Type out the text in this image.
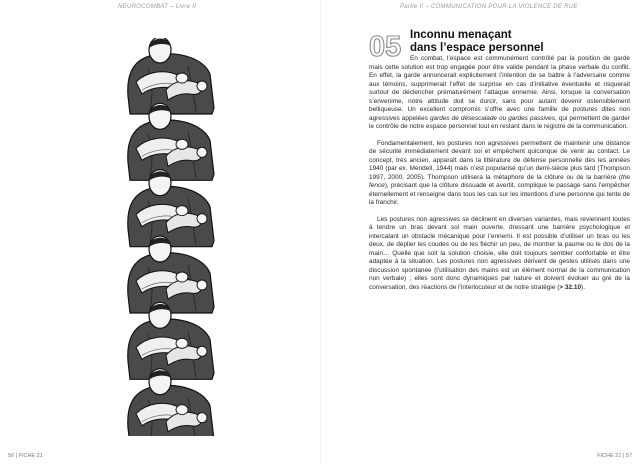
NEUROCOMBAT – Livre II	Partie II – COMMUNICATION POUR LA VIOLENCE DE RUE
05 Inconnu menaçant
dans l’espace personnel

En combat, l’espace est communément contrôlé par la position de garde mais cette solution est trop engagée pour être valide pendant la phase verbale du conflit. En effet, la garde annoncerait explicitement l’intention de se battre à l’adversaire comme aux témoins, supprimerait l’effet de surprise en cas d’initiative éventuelle et risquerait surtout de déclencher prématurément l’attaque ennemie. Ainsi, lorsque la conversation s’envenime, notre attitude doit se durcir, sans pour autant devenir ostensiblement belliqueuse. Un excellent compromis s’offre avec une famille de postures dites non agressives appelées gardes de désescalade ou gardes passives, qui permettent de garder le contrôle de notre espace personnel tout en restant dans le registre de la communication.

Fondamentalement, les postures non agressives permettent de maintenir une distance de sécurité immédiatement devant soi et empêchent quiconque de venir au contact. Le concept, très ancien, apparaît dans la littérature de défense personnelle dès les années 1940 (par ex. Mendell, 1944) mais n’est popularisé qu’un demi-siècle plus tard (Thompson 1997, 2000, 2005). Thompson utilisera la métaphore de la clôture ou de la barrière (the fence), précisant que la clôture dissuade et avertit, complique le passage sans l’empêcher éternellement et renseigne dans tous les cas sur les intentions d’une personne qui tente de la franchir.

Les postures non agressives se déclinent en diverses variantes, mais reviennent toutes à tendre un bras devant soi main ouverte, dressant une barrière psychologique et intercalant un obstacle mécanique pour l’ennemi. Il est possible d’utiliser un bras ou les deux, de déplier les coudes ou de les fléchir un peu, de montrer la paume ou le dos de la main… Quelle que soit la solution choisie, elle doit toujours sembler confortable et être adaptée à la situation. Les postures non agressives dérivent de gestes utilisés dans une discussion spontanée (l’utilisation des mains est un élément normal de la communication non verbale) ; elles sont donc dynamiques par nature et doivent évoluer au gré de la conversation, des réactions de l’interlocuteur et de notre stratégie (> 32.10).

56 | FICHE 21	FICHE 21 | 57
